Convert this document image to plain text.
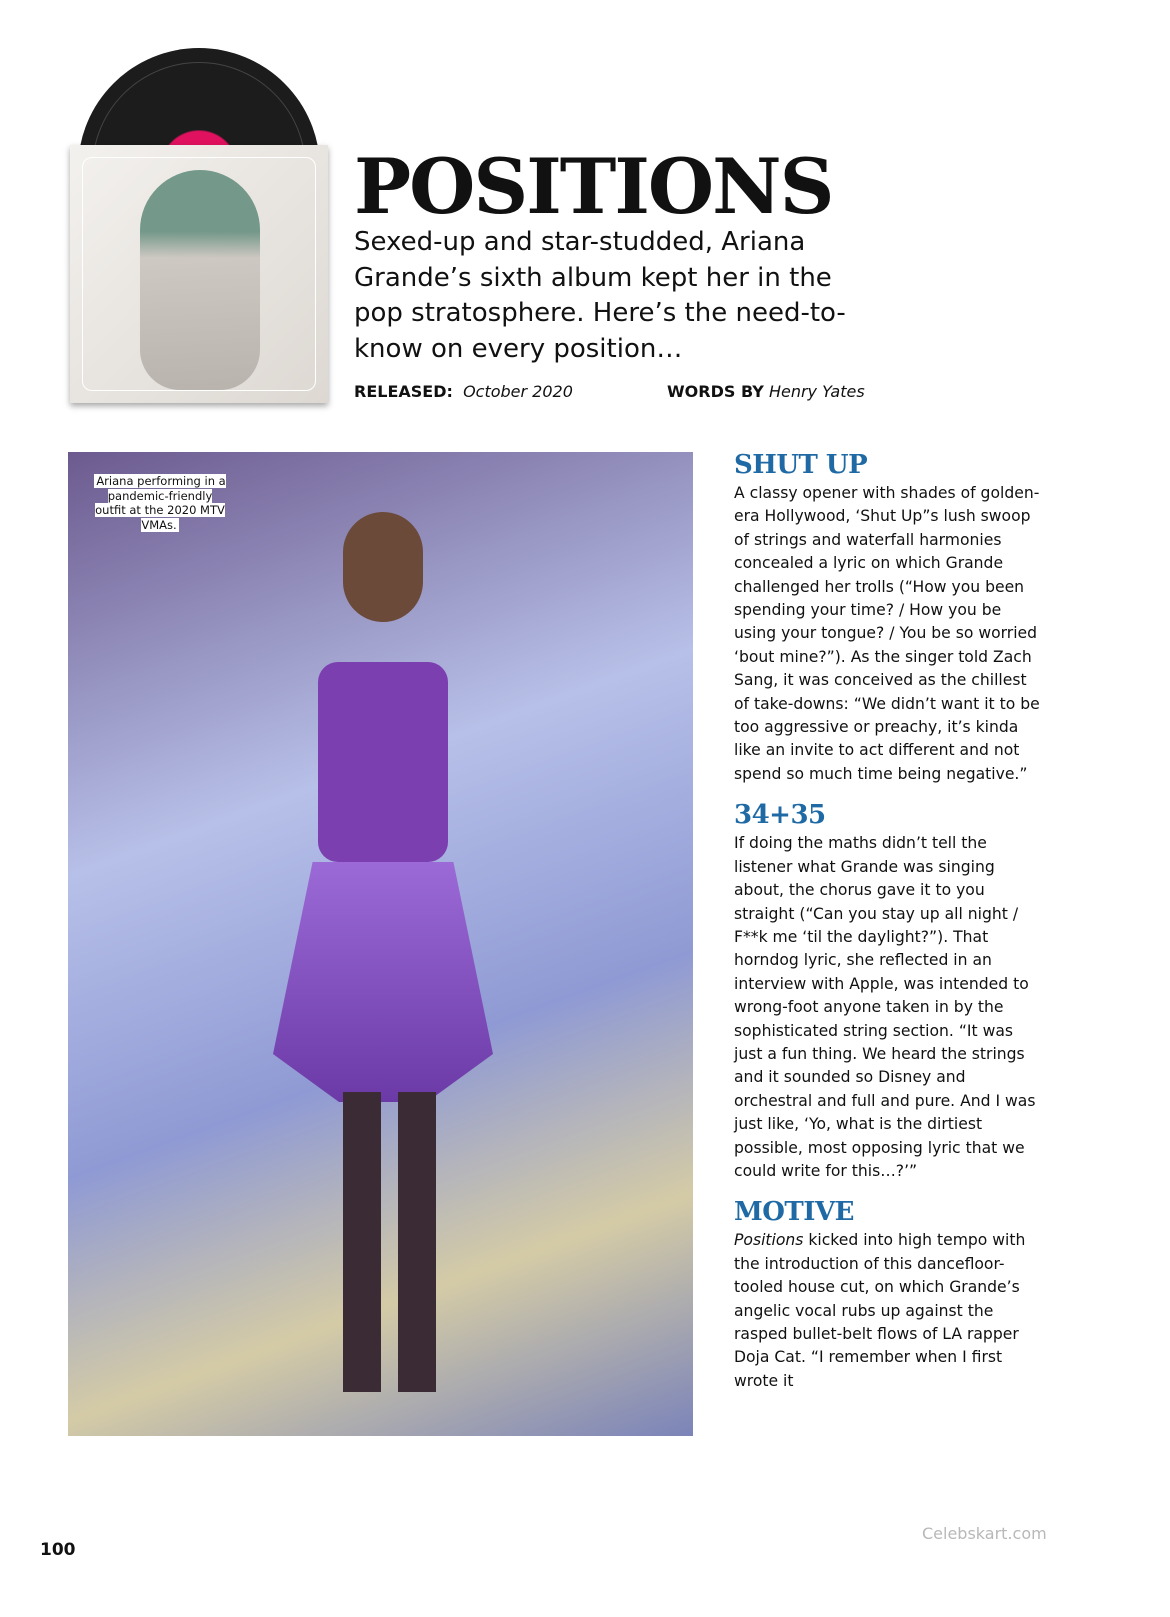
POSITIONS
Sexed-up and star-studded, Ariana Grande’s sixth album kept her in the pop stratosphere. Here’s the need-to-know on every position…
RELEASED: October 2020	WORDS BY Henry Yates
Ariana performing in a pandemic-friendly outfit at the 2020 MTV VMAs.
SHUT UP

A classy opener with shades of golden-era Hollywood, ‘Shut Up”s lush swoop of strings and waterfall harmonies concealed a lyric on which Grande challenged her trolls (“How you been spending your time? / How you be using your tongue? / You be so worried ‘bout mine?”). As the singer told Zach Sang, it was conceived as the chillest of take-downs: “We didn’t want it to be too aggressive or preachy, it’s kinda like an invite to act different and not spend so much time being negative.”

34+35

If doing the maths didn’t tell the listener what Grande was singing about, the chorus gave it to you straight (“Can you stay up all night / F**k me ‘til the daylight?”). That horndog lyric, she reflected in an interview with Apple, was intended to wrong-foot anyone taken in by the sophisticated string section. “It was just a fun thing. We heard the strings and it sounded so Disney and orchestral and full and pure. And I was just like, ‘Yo, what is the dirtiest possible, most opposing lyric that we could write for this…?’”

MOTIVE

Positions kicked into high tempo with the introduction of this dancefloor-tooled house cut, on which Grande’s angelic vocal rubs up against the rasped bullet-belt flows of LA rapper Doja Cat. “I remember when I first wrote it

100
Celebskart.com
